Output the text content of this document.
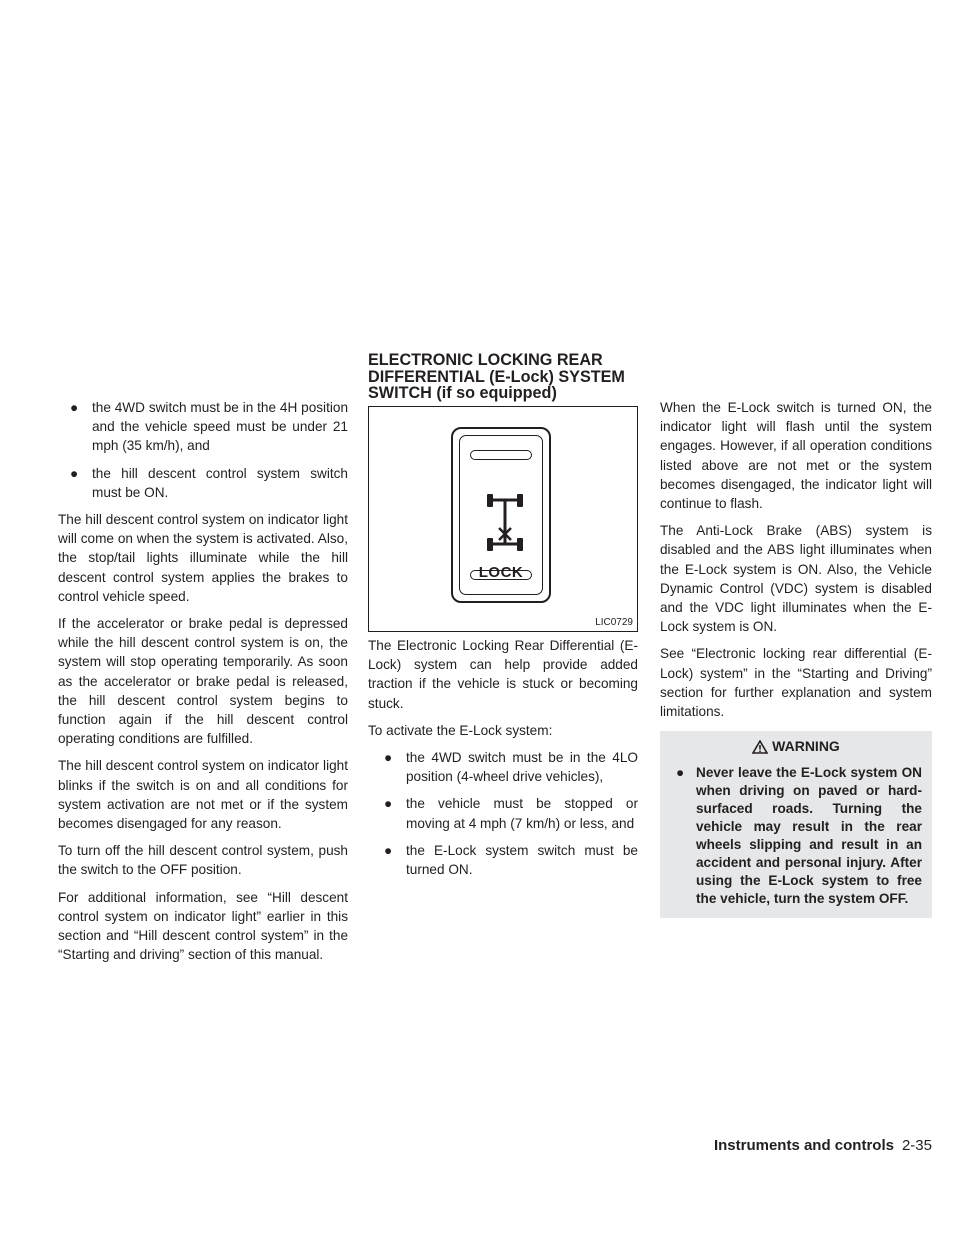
ELECTRONIC LOCKING REAR
DIFFERENTIAL (E-Lock) SYSTEM
SWITCH (if so equipped)
● the 4WD switch must be in the 4H position and the vehicle speed must be under 21 mph (35 km/h), and
● the hill descent control system switch must be ON.

The hill descent control system on indicator light will come on when the system is activated. Also, the stop/tail lights illuminate while the hill descent control system applies the brakes to control vehicle speed.

If the accelerator or brake pedal is depressed while the hill descent control system is on, the system will stop operating temporarily. As soon as the accelerator or brake pedal is released, the hill descent control system begins to function again if the hill descent control operating conditions are fulfilled.

The hill descent control system on indicator light blinks if the switch is on and all conditions for system activation are not met or if the system becomes disengaged for any reason.

To turn off the hill descent control system, push the switch to the OFF position.

For additional information, see “Hill descent control system on indicator light” earlier in this section and “Hill descent control system” in the “Starting and driving” section of this manual.

LOCK
LIC0729

The Electronic Locking Rear Differential (E-Lock) system can help provide added traction if the vehicle is stuck or becoming stuck.

To activate the E-Lock system:

● the 4WD switch must be in the 4LO position (4-wheel drive vehicles),
● the vehicle must be stopped or moving at 4 mph (7 km/h) or less, and
● the E-Lock system switch must be turned ON.

When the E-Lock switch is turned ON, the indicator light will flash until the system engages. However, if all operation conditions listed above are not met or the system becomes disengaged, the indicator light will continue to flash.

The Anti-Lock Brake (ABS) system is disabled and the ABS light illuminates when the E-Lock system is ON. Also, the Vehicle Dynamic Control (VDC) system is disabled and the VDC light illuminates when the E-Lock system is ON.

See “Electronic locking rear differential (E-Lock) system” in the “Starting and Driving” section for further explanation and system limitations.

WARNING
● Never leave the E-Lock system ON when driving on paved or hard-surfaced roads. Turning the vehicle may result in the rear wheels slipping and result in an accident and personal injury. After using the E-Lock system to free the vehicle, turn the system OFF.
Instruments and controls 2-35
